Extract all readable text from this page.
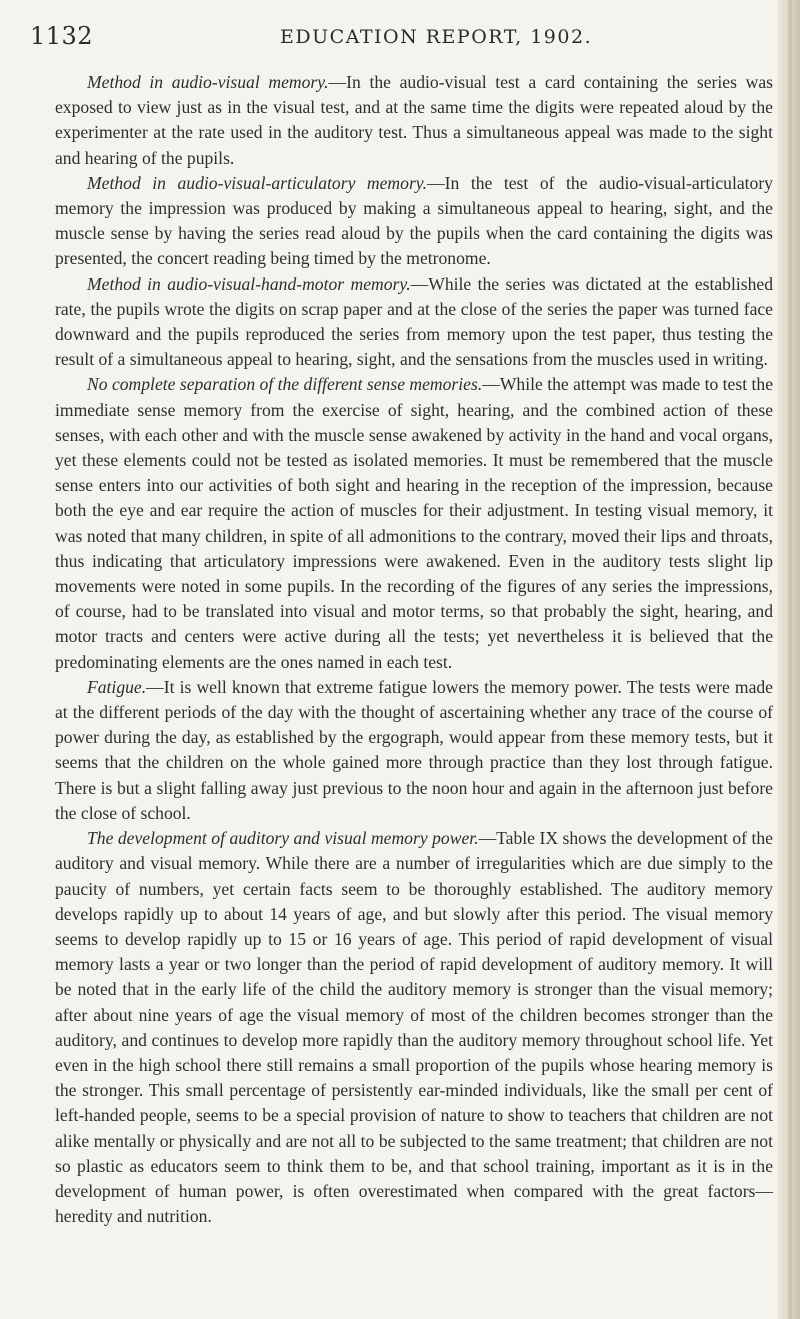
1132	EDUCATION REPORT, 1902.

Method in audio-visual memory.—In the audio-visual test a card containing the series was exposed to view just as in the visual test, and at the same time the digits were repeated aloud by the experimenter at the rate used in the auditory test. Thus a simultaneous appeal was made to the sight and hearing of the pupils.

Method in audio-visual-articulatory memory.—In the test of the audio-visual-articulatory memory the impression was produced by making a simultaneous appeal to hearing, sight, and the muscle sense by having the series read aloud by the pupils when the card containing the digits was presented, the concert reading being timed by the metronome.

Method in audio-visual-hand-motor memory.—While the series was dictated at the established rate, the pupils wrote the digits on scrap paper and at the close of the series the paper was turned face downward and the pupils reproduced the series from memory upon the test paper, thus testing the result of a simultaneous appeal to hearing, sight, and the sensations from the muscles used in writing.

No complete separation of the different sense memories.—While the attempt was made to test the immediate sense memory from the exercise of sight, hearing, and the combined action of these senses, with each other and with the muscle sense awakened by activity in the hand and vocal organs, yet these elements could not be tested as isolated memories. It must be remembered that the muscle sense enters into our activities of both sight and hearing in the reception of the impression, because both the eye and ear require the action of muscles for their adjustment. In testing visual memory, it was noted that many children, in spite of all admonitions to the contrary, moved their lips and throats, thus indicating that articulatory impressions were awakened. Even in the auditory tests slight lip movements were noted in some pupils. In the recording of the figures of any series the impressions, of course, had to be translated into visual and motor terms, so that probably the sight, hearing, and motor tracts and centers were active during all the tests; yet nevertheless it is believed that the predominating elements are the ones named in each test.

Fatigue.—It is well known that extreme fatigue lowers the memory power. The tests were made at the different periods of the day with the thought of ascertaining whether any trace of the course of power during the day, as established by the ergograph, would appear from these memory tests, but it seems that the children on the whole gained more through practice than they lost through fatigue. There is but a slight falling away just previous to the noon hour and again in the afternoon just before the close of school.

The development of auditory and visual memory power.—Table IX shows the development of the auditory and visual memory. While there are a number of irregularities which are due simply to the paucity of numbers, yet certain facts seem to be thoroughly established. The auditory memory develops rapidly up to about 14 years of age, and but slowly after this period. The visual memory seems to develop rapidly up to 15 or 16 years of age. This period of rapid development of visual memory lasts a year or two longer than the period of rapid development of auditory memory. It will be noted that in the early life of the child the auditory memory is stronger than the visual memory; after about nine years of age the visual memory of most of the children becomes stronger than the auditory, and continues to develop more rapidly than the auditory memory throughout school life. Yet even in the high school there still remains a small proportion of the pupils whose hearing memory is the stronger. This small percentage of persistently ear-minded individuals, like the small per cent of left-handed people, seems to be a special provision of nature to show to teachers that children are not alike mentally or physically and are not all to be subjected to the same treatment; that children are not so plastic as educators seem to think them to be, and that school training, important as it is in the development of human power, is often overestimated when compared with the great factors—heredity and nutrition.
